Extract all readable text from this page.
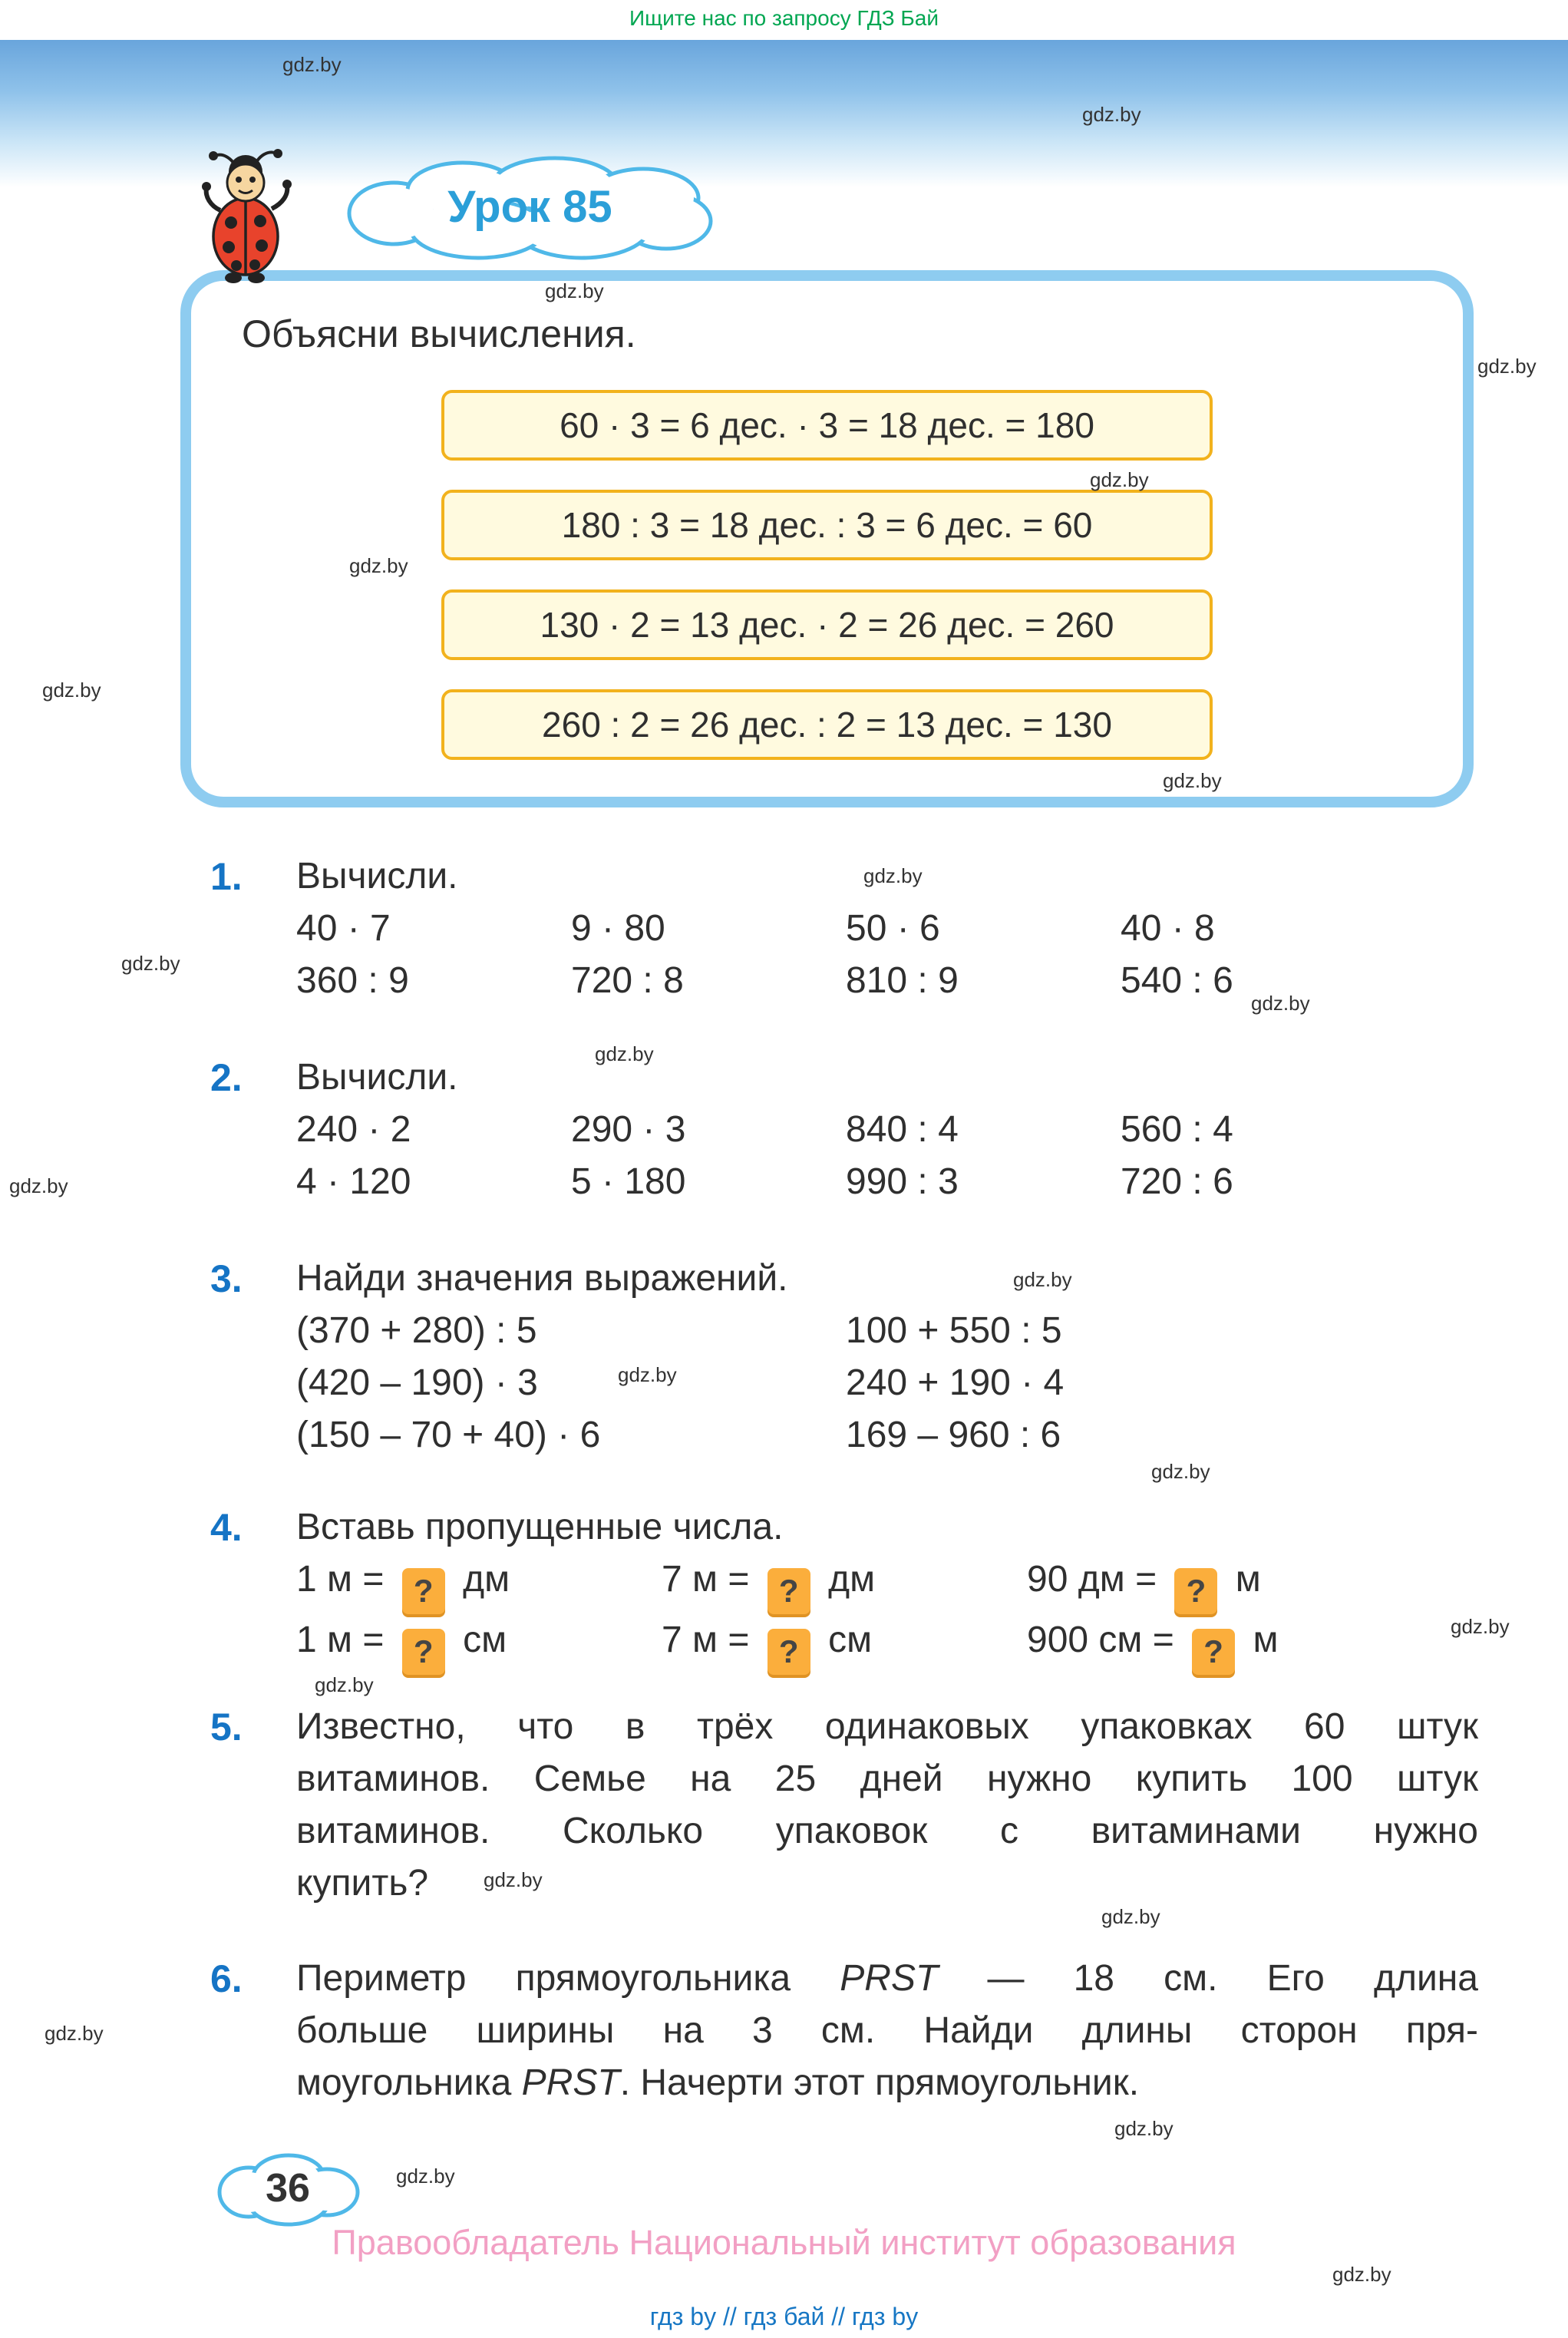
Ищите нас по запросу ГДЗ Бай
Урок 85
Объясни вычисления.
60 · 3 = 6 дес. · 3 = 18 дес. = 180
180 : 3 = 18 дес. : 3 = 6 дес. = 60
130 · 2 = 13 дес. · 2 = 26 дес. = 260
260 : 2 = 26 дес. : 2 = 13 дес. = 130
1. Вычисли.
40 · 7	9 · 80	50 · 6	40 · 8
360 : 9	720 : 8	810 : 9	540 : 6
2. Вычисли.
240 · 2	290 · 3	840 : 4	560 : 4
4 · 120	5 · 180	990 : 3	720 : 6
3. Найди значения выражений.
(370 + 280) : 5	100 + 550 : 5
(420 – 190) · 3	240 + 190 · 4
(150 – 70 + 40) · 6	169 – 960 : 6
4. Вставь пропущенные числа.
1 м = ? дм	7 м = ? дм	90 дм = ? м
1 м = ? см	7 м = ? см	900 см = ? м
5. Известно, что в трёх одинаковых упаковках 60 штук
витаминов. Семье на 25 дней нужно купить 100 штук
витаминов. Сколько упаковок с витаминами нужно
купить?
6. Периметр прямоугольника PRST — 18 см. Его длина
больше ширины на 3 см. Найди длины сторон пря-
моугольника PRST. Начерти этот прямоугольник.
36
Правообладатель Национальный институт образования
гдз by // гдз бай // гдз by
gdz.by
gdz.by
gdz.by
gdz.by
gdz.by
gdz.by
gdz.by
gdz.by
gdz.by
gdz.by
gdz.by
gdz.by
gdz.by
gdz.by
gdz.by
gdz.by
gdz.by
gdz.by
gdz.by
gdz.by
gdz.by
gdz.by
gdz.by
gdz.by
